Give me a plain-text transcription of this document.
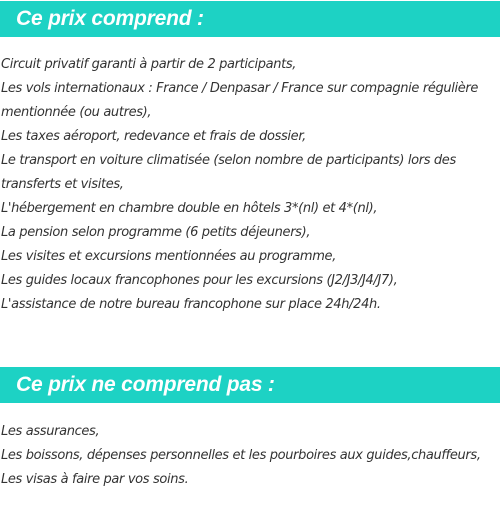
Ce prix comprend :
Circuit privatif garanti à partir de 2 participants,
Les vols internationaux : France / Denpasar / France sur compagnie régulière mentionnée (ou autres),
Les taxes aéroport, redevance et frais de dossier,
Le transport en voiture climatisée (selon nombre de participants) lors des transferts et visites,
L'hébergement en chambre double en hôtels 3*(nl) et 4*(nl),
La pension selon programme (6 petits déjeuners),
Les visites et excursions mentionnées au programme,
Les guides locaux francophones pour les excursions (J2/J3/J4/J7),
L'assistance de notre bureau francophone sur place 24h/24h.
Ce prix ne comprend pas :
Les assurances,
Les boissons, dépenses personnelles et les pourboires aux guides,chauffeurs,
Les visas à faire par vos soins.
